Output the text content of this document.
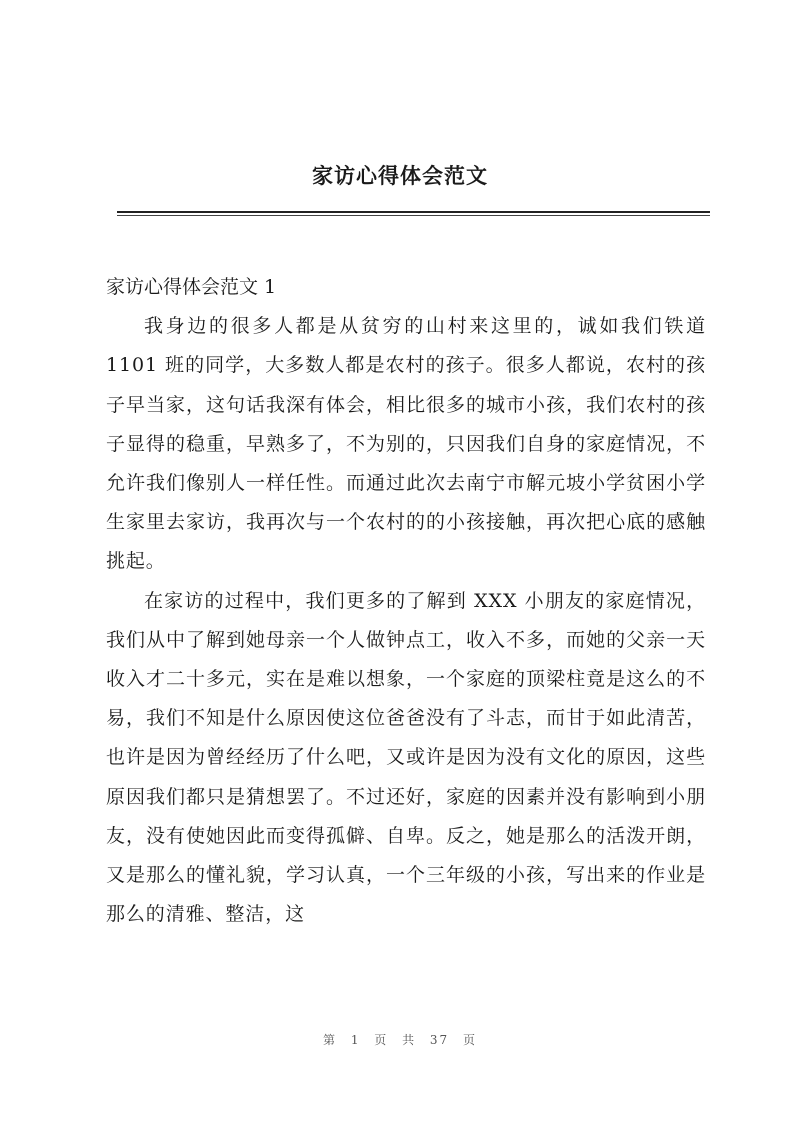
家访心得体会范文

家访心得体会范文 1

我身边的很多人都是从贫穷的山村来这里的，诚如我们铁道 1101 班的同学，大多数人都是农村的孩子。很多人都说，农村的孩子早当家，这句话我深有体会，相比很多的城市小孩，我们农村的孩子显得的稳重，早熟多了，不为别的，只因我们自身的家庭情况，不允许我们像别人一样任性。而通过此次去南宁市解元坡小学贫困小学生家里去家访，我再次与一个农村的的小孩接触，再次把心底的感触挑起。

在家访的过程中，我们更多的了解到 XXX 小朋友的家庭情况，我们从中了解到她母亲一个人做钟点工，收入不多，而她的父亲一天收入才二十多元，实在是难以想象，一个家庭的顶梁柱竟是这么的不易，我们不知是什么原因使这位爸爸没有了斗志，而甘于如此清苦，也许是因为曾经经历了什么吧，又或许是因为没有文化的原因，这些原因我们都只是猜想罢了。不过还好，家庭的因素并没有影响到小朋友，没有使她因此而变得孤僻、自卑。反之，她是那么的活泼开朗，又是那么的懂礼貌，学习认真，一个三年级的小孩，写出来的作业是那么的清雅、整洁，这

第 1 页 共 37 页
